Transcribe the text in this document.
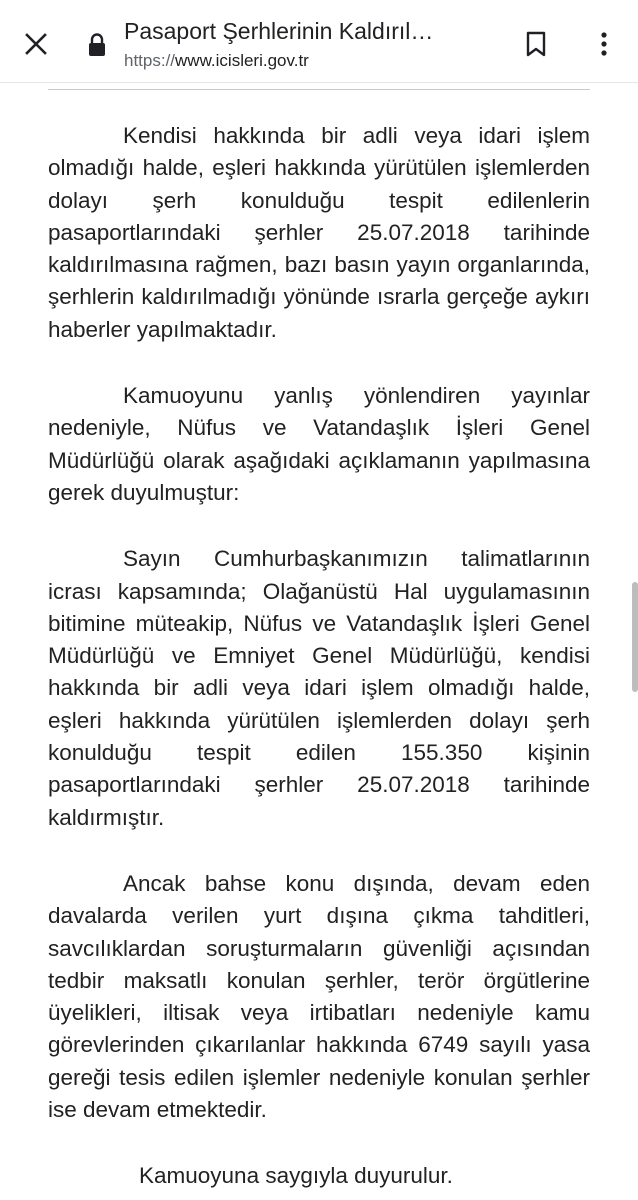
Pasaport Şerhlerinin Kaldırıl…
https://www.icisleri.gov.tr

Kendisi hakkında bir adli veya idari işlem olmadığı halde, eşleri hakkında yürütülen işlemlerden dolayı şerh konulduğu tespit edilenlerin pasaportlarındaki şerhler 25.07.2018 tarihinde kaldırılmasına rağmen, bazı basın yayın organlarında, şerhlerin kaldırılmadığı yönünde ısrarla gerçeğe aykırı haberler yapılmaktadır.

Kamuoyunu yanlış yönlendiren yayınlar nedeniyle, Nüfus ve Vatandaşlık İşleri Genel Müdürlüğü olarak aşağıdaki açıklamanın yapılmasına gerek duyulmuştur:

Sayın Cumhurbaşkanımızın talimatlarının icrası kapsamında; Olağanüstü Hal uygulamasının bitimine müteakip, Nüfus ve Vatandaşlık İşleri Genel Müdürlüğü ve Emniyet Genel Müdürlüğü, kendisi hakkında bir adli veya idari işlem olmadığı halde, eşleri hakkında yürütülen işlemlerden dolayı şerh konulduğu tespit edilen 155.350 kişinin pasaportlarındaki şerhler 25.07.2018 tarihinde kaldırmıştır.

Ancak bahse konu dışında, devam eden davalarda verilen yurt dışına çıkma tahditleri, savcılıklardan soruşturmaların güvenliği açısından tedbir maksatlı konulan şerhler, terör örgütlerine üyelikleri, iltisak veya irtibatları nedeniyle kamu görevlerinden çıkarılanlar hakkında 6749 sayılı yasa gereği tesis edilen işlemler nedeniyle konulan şerhler ise devam etmektedir.

Kamuoyuna saygıyla duyurulur.
